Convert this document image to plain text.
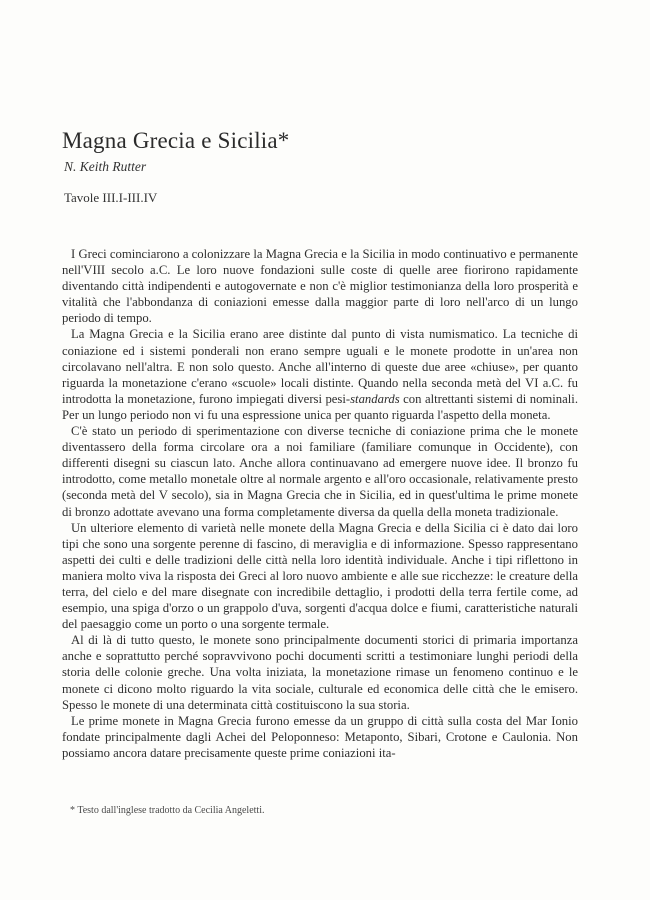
Magna Grecia e Sicilia*

N. Keith Rutter

Tavole III.I-III.IV

I Greci cominciarono a colonizzare la Magna Grecia e la Sicilia in modo continuativo e permanente nell'VIII secolo a.C. Le loro nuove fondazioni sulle coste di quelle aree fiorirono rapidamente diventando città indipendenti e autogovernate e non c'è miglior testimonianza della loro prosperità e vitalità che l'abbondanza di coniazioni emesse dalla maggior parte di loro nell'arco di un lungo periodo di tempo.

La Magna Grecia e la Sicilia erano aree distinte dal punto di vista numismatico. La tecniche di coniazione ed i sistemi ponderali non erano sempre uguali e le monete prodotte in un'area non circolavano nell'altra. E non solo questo. Anche all'interno di queste due aree «chiuse», per quanto riguarda la monetazione c'erano «scuole» locali distinte. Quando nella seconda metà del VI a.C. fu introdotta la monetazione, furono impiegati diversi pesi-standards con altrettanti sistemi di nominali. Per un lungo periodo non vi fu una espressione unica per quanto riguarda l'aspetto della moneta.

C'è stato un periodo di sperimentazione con diverse tecniche di coniazione prima che le monete diventassero della forma circolare ora a noi familiare (familiare comunque in Occidente), con differenti disegni su ciascun lato. Anche allora continuavano ad emergere nuove idee. Il bronzo fu introdotto, come metallo monetale oltre al normale argento e all'oro occasionale, relativamente presto (seconda metà del V secolo), sia in Magna Grecia che in Sicilia, ed in quest'ultima le prime monete di bronzo adottate avevano una forma completamente diversa da quella della moneta tradizionale.

Un ulteriore elemento di varietà nelle monete della Magna Grecia e della Sicilia ci è dato dai loro tipi che sono una sorgente perenne di fascino, di meraviglia e di informazione. Spesso rappresentano aspetti dei culti e delle tradizioni delle città nella loro identità individuale. Anche i tipi riflettono in maniera molto viva la risposta dei Greci al loro nuovo ambiente e alle sue ricchezze: le creature della terra, del cielo e del mare disegnate con incredibile dettaglio, i prodotti della terra fertile come, ad esempio, una spiga d'orzo o un grappolo d'uva, sorgenti d'acqua dolce e fiumi, caratteristiche naturali del paesaggio come un porto o una sorgente termale.

Al di là di tutto questo, le monete sono principalmente documenti storici di primaria importanza anche e soprattutto perché sopravvivono pochi documenti scritti a testimoniare lunghi periodi della storia delle colonie greche. Una volta iniziata, la monetazione rimase un fenomeno continuo e le monete ci dicono molto riguardo la vita sociale, culturale ed economica delle città che le emisero. Spesso le monete di una determinata città costituiscono la sua storia.

Le prime monete in Magna Grecia furono emesse da un gruppo di città sulla costa del Mar Ionio fondate principalmente dagli Achei del Peloponneso: Metaponto, Sibari, Crotone e Caulonia. Non possiamo ancora datare precisamente queste prime coniazioni ita-

* Testo dall'inglese tradotto da Cecilia Angeletti.
